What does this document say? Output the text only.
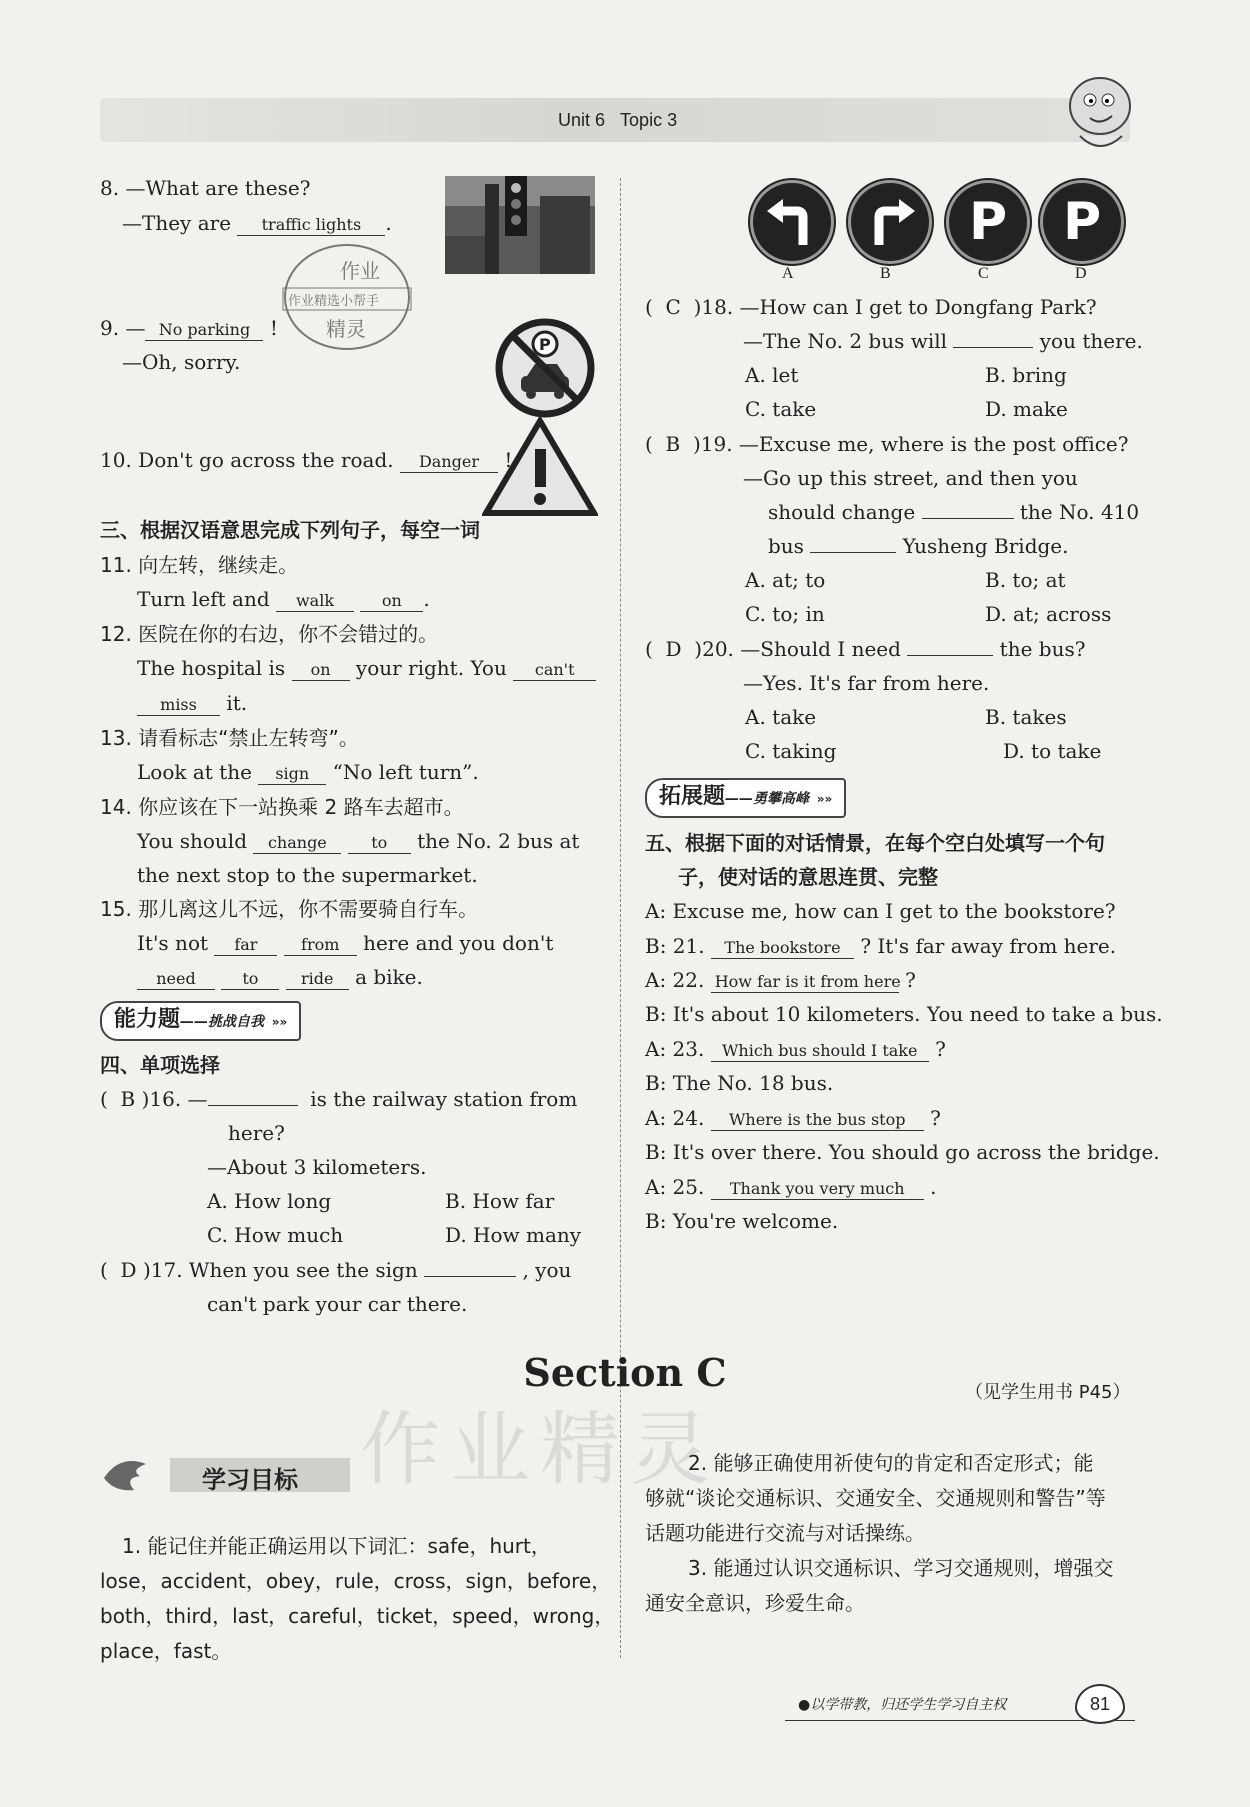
Unit 6 Topic 3
8. —What are these?
—They are traffic lights .
作业
作业精选小帮手
精灵
9. — No parking !
—Oh, sorry.
P
10. Don't go across the road. Danger !
三、根据汉语意思完成下列句子，每空一词
11. 向左转，继续走。
Turn left and walk	on .
12. 医院在你的右边，你不会错过的。
The hospital is on your right. You can't
miss it.
13. 请看标志“禁止左转弯”。
Look at the sign “No left turn”.
14. 你应该在下一站换乘 2 路车去超市。
You should change	to the No. 2 bus at
the next stop to the supermarket.
15. 那儿离这儿不远，你不需要骑自行车。
It's not far	from here and you don't
need	to	ride a bike.
能力题——挑战自我 »»
四、单项选择
(  B )16. —	is the railway station from
here?
—About 3 kilometers.
A. How long	B. How far
C. How much	D. How many
(  D )17. When you see the sign	, you
can't park your car there.
P	P
A	B	C	D
(  C )18. —How can I get to Dongfang Park?
—The No. 2 bus will	you there.
A. let	B. bring
C. take	D. make
(  B )19. —Excuse me, where is the post office?
—Go up this street, and then you
should change	the No. 410
bus	Yusheng Bridge.
A. at; to	B. to; at
C. to; in	D. at; across
(  D )20. —Should I need	the bus?
—Yes. It's far from here.
A. take	B. takes
C. taking	D. to take
拓展题——勇攀高峰 »»
五、根据下面的对话情景，在每个空白处填写一个句
子，使对话的意思连贯、完整
A: Excuse me, how can I get to the bookstore?
B: 21. The bookstore ? It's far away from here.
A: 22. How far is it from here ?
B: It's about 10 kilometers. You need to take a bus.
A: 23. Which bus should I take ?
B: The No. 18 bus.
A: 24. Where is the bus stop ?
B: It's over there. You should go across the bridge.
A: 25. Thank you very much .
B: You're welcome.
Section C	（见学生用书 P45）
作业精灵
学习目标
1. 能记住并能正确运用以下词汇：safe，hurt，
lose，accident，obey，rule，cross，sign，before，
both，third，last，careful，ticket，speed，wrong，
place，fast。
2. 能够正确使用祈使句的肯定和否定形式；能
够就“谈论交通标识、交通安全、交通规则和警告”等
话题功能进行交流与对话操练。
3. 能通过认识交通标识、学习交通规则，增强交
通安全意识，珍爱生命。
●以学带教，归还学生学习自主权	81
